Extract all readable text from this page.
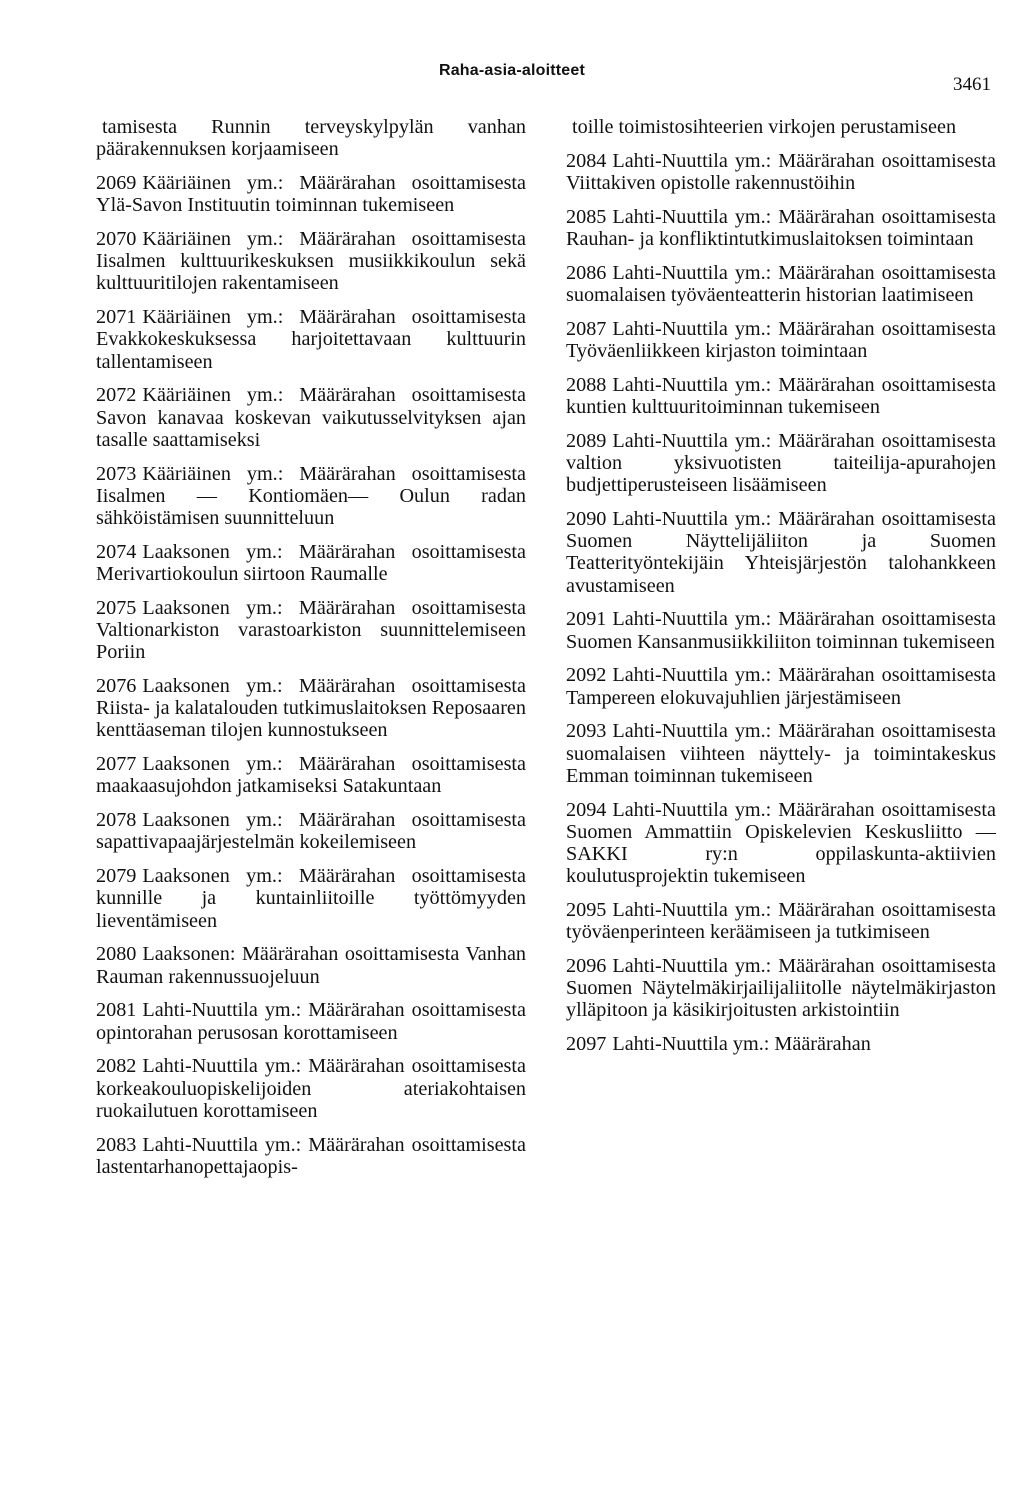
Raha-asia-aloitteet
3461

tamisesta Runnin terveyskylpylän vanhan päärakennuksen korjaamiseen

2069 Kääriäinen ym.: Määrärahan osoittamisesta Ylä-Savon Instituutin toiminnan tukemiseen

2070 Kääriäinen ym.: Määrärahan osoittamisesta Iisalmen kulttuurikeskuksen musiikkikoulun sekä kulttuuritilojen rakentamiseen

2071 Kääriäinen ym.: Määrärahan osoittamisesta Evakkokeskuksessa harjoitettavaan kulttuurin tallentamiseen

2072 Kääriäinen ym.: Määrärahan osoittamisesta Savon kanavaa koskevan vaikutusselvityksen ajan tasalle saattamiseksi

2073 Kääriäinen ym.: Määrärahan osoittamisesta Iisalmen — Kontiomäen— Oulun radan sähköistämisen suunnitteluun

2074 Laaksonen ym.: Määrärahan osoittamisesta Merivartiokoulun siirtoon Raumalle

2075 Laaksonen ym.: Määrärahan osoittamisesta Valtionarkiston varastoarkiston suunnittelemiseen Poriin

2076 Laaksonen ym.: Määrärahan osoittamisesta Riista- ja kalatalouden tutkimuslaitoksen Reposaaren kenttäaseman tilojen kunnostukseen

2077 Laaksonen ym.: Määrärahan osoittamisesta maakaasujohdon jatkamiseksi Satakuntaan

2078 Laaksonen ym.: Määrärahan osoittamisesta sapattivapaajärjestelmän kokeilemiseen

2079 Laaksonen ym.: Määrärahan osoittamisesta kunnille ja kuntainliitoille työttömyyden lieventämiseen

2080 Laaksonen: Määrärahan osoittamisesta Vanhan Rauman rakennussuojeluun

2081 Lahti-Nuuttila ym.: Määrärahan osoittamisesta opintorahan perusosan korottamiseen

2082 Lahti-Nuuttila ym.: Määrärahan osoittamisesta korkeakouluopiskelijoiden ateriakohtaisen ruokailutuen korottamiseen

2083 Lahti-Nuuttila ym.: Määrärahan osoittamisesta lastentarhanopettajaopis-

toille toimistosihteerien virkojen perustamiseen

2084 Lahti-Nuuttila ym.: Määrärahan osoittamisesta Viittakiven opistolle rakennustöihin

2085 Lahti-Nuuttila ym.: Määrärahan osoittamisesta Rauhan- ja konfliktintutkimuslaitoksen toimintaan

2086 Lahti-Nuuttila ym.: Määrärahan osoittamisesta suomalaisen työväenteatterin historian laatimiseen

2087 Lahti-Nuuttila ym.: Määrärahan osoittamisesta Työväenliikkeen kirjaston toimintaan

2088 Lahti-Nuuttila ym.: Määrärahan osoittamisesta kuntien kulttuuritoiminnan tukemiseen

2089 Lahti-Nuuttila ym.: Määrärahan osoittamisesta valtion yksivuotisten taiteilija-apurahojen budjettiperusteiseen lisäämiseen

2090 Lahti-Nuuttila ym.: Määrärahan osoittamisesta Suomen Näyttelijäliiton ja Suomen Teatterityöntekijäin Yhteisjärjestön talohankkeen avustamiseen

2091 Lahti-Nuuttila ym.: Määrärahan osoittamisesta Suomen Kansanmusiikkiliiton toiminnan tukemiseen

2092 Lahti-Nuuttila ym.: Määrärahan osoittamisesta Tampereen elokuvajuhlien järjestämiseen

2093 Lahti-Nuuttila ym.: Määrärahan osoittamisesta suomalaisen viihteen näyttely- ja toimintakeskus Emman toiminnan tukemiseen

2094 Lahti-Nuuttila ym.: Määrärahan osoittamisesta Suomen Ammattiin Opiskelevien Keskusliitto — SAKKI ry:n oppilaskunta-aktiivien koulutusprojektin tukemiseen

2095 Lahti-Nuuttila ym.: Määrärahan osoittamisesta työväenperinteen keräämiseen ja tutkimiseen

2096 Lahti-Nuuttila ym.: Määrärahan osoittamisesta Suomen Näytelmäkirjailijaliitolle näytelmäkirjaston ylläpitoon ja käsikirjoitusten arkistointiin

2097 Lahti-Nuuttila ym.: Määrärahan
